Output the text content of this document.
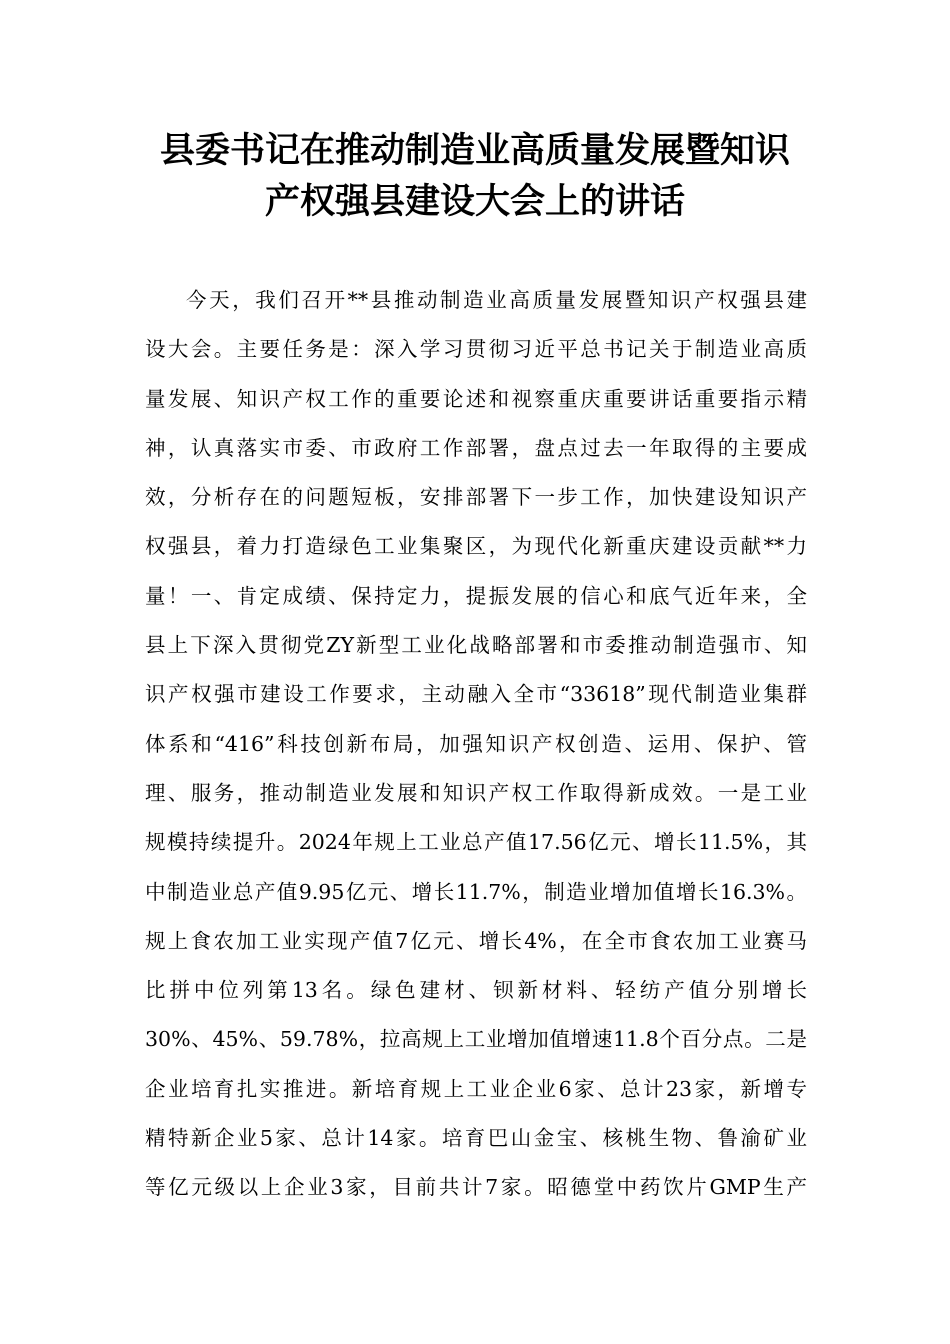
县委书记在推动制造业高质量发展暨知识
产权强县建设大会上的讲话
今天，我们召开**县推动制造业高质量发展暨知识产权强县建
设大会。主要任务是：深入学习贯彻习近平总书记关于制造业高质
量发展、知识产权工作的重要论述和视察重庆重要讲话重要指示精
神，认真落实市委、市政府工作部署，盘点过去一年取得的主要成
效，分析存在的问题短板，安排部署下一步工作，加快建设知识产
权强县，着力打造绿色工业集聚区，为现代化新重庆建设贡献**力
量！一、肯定成绩、保持定力，提振发展的信心和底气近年来，全
县上下深入贯彻党ZY新型工业化战略部署和市委推动制造强市、知
识产权强市建设工作要求，主动融入全市“33618”现代制造业集群
体系和“416”科技创新布局，加强知识产权创造、运用、保护、管
理、服务，推动制造业发展和知识产权工作取得新成效。一是工业
规模持续提升。2024年规上工业总产值17.56亿元、增长11.5%，其
中制造业总产值9.95亿元、增长11.7%，制造业增加值增长16.3%。
规上食农加工业实现产值7亿元、增长4%，在全市食农加工业赛马
比拼中位列第13名。绿色建材、钡新材料、轻纺产值分别增长
30%、45%、59.78%，拉高规上工业增加值增速11.8个百分点。二是
企业培育扎实推进。新培育规上工业企业6家、总计23家，新增专
精特新企业5家、总计14家。培育巴山金宝、核桃生物、鲁渝矿业
等亿元级以上企业3家，目前共计7家。昭德堂中药饮片GMP生产
